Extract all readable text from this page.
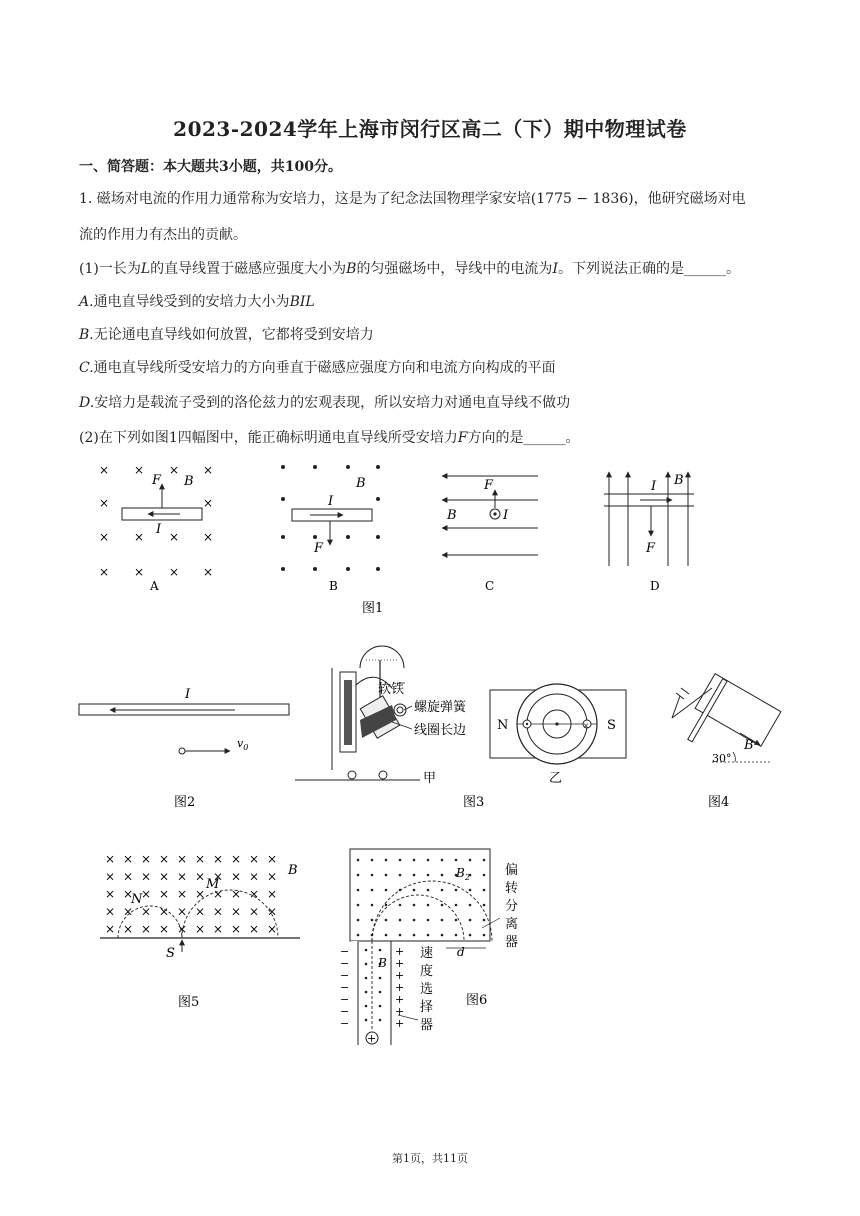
2023-2024学年上海市闵行区高二（下）期中物理试卷
一、简答题：本大题共3小题，共100分。
1. 磁场对电流的作用力通常称为安培力，这是为了纪念法国物理学家安培(1775 − 1836)，他研究磁场对电
流的作用力有杰出的贡献。
(1)一长为L的直导线置于磁感应强度大小为B的匀强磁场中，导线中的电流为I。下列说法正确的是______。
A.通电直导线受到的安培力大小为BIL
B.无论通电直导线如何放置，它都将受到安培力
C.通电直导线所受安培力的方向垂直于磁感应强度方向和电流方向构成的平面
D.安培力是载流子受到的洛伦兹力的宏观表现，所以安培力对通电直导线不做功
(2)在下列如图1四幅图中，能正确标明通电直导线所受安培力F方向的是______。
×
×
×
×
×
×
×
×
×
×
×
×
×
×
F B
I
A
I
B
F
B
F
I
B
C
I B
F
D
图1
I
$v_0$
图2
软铁
螺旋弹簧
线圈长边
甲
×
N	S
乙
图3
B
30°
图4
× × × × × × × × × ×
× × × × × × × × × ×
× × × × × × × × × ×
× × × × × × × × × ×
× × × × × × × × × ×
B
M
N
S
图5
−
−
−
−
−
−
−
+
+
+
+
+
+
+
d
+
$B_2$
B
偏
转
分
离
器
速
度
选
择
器
图6
第1页，共11页
